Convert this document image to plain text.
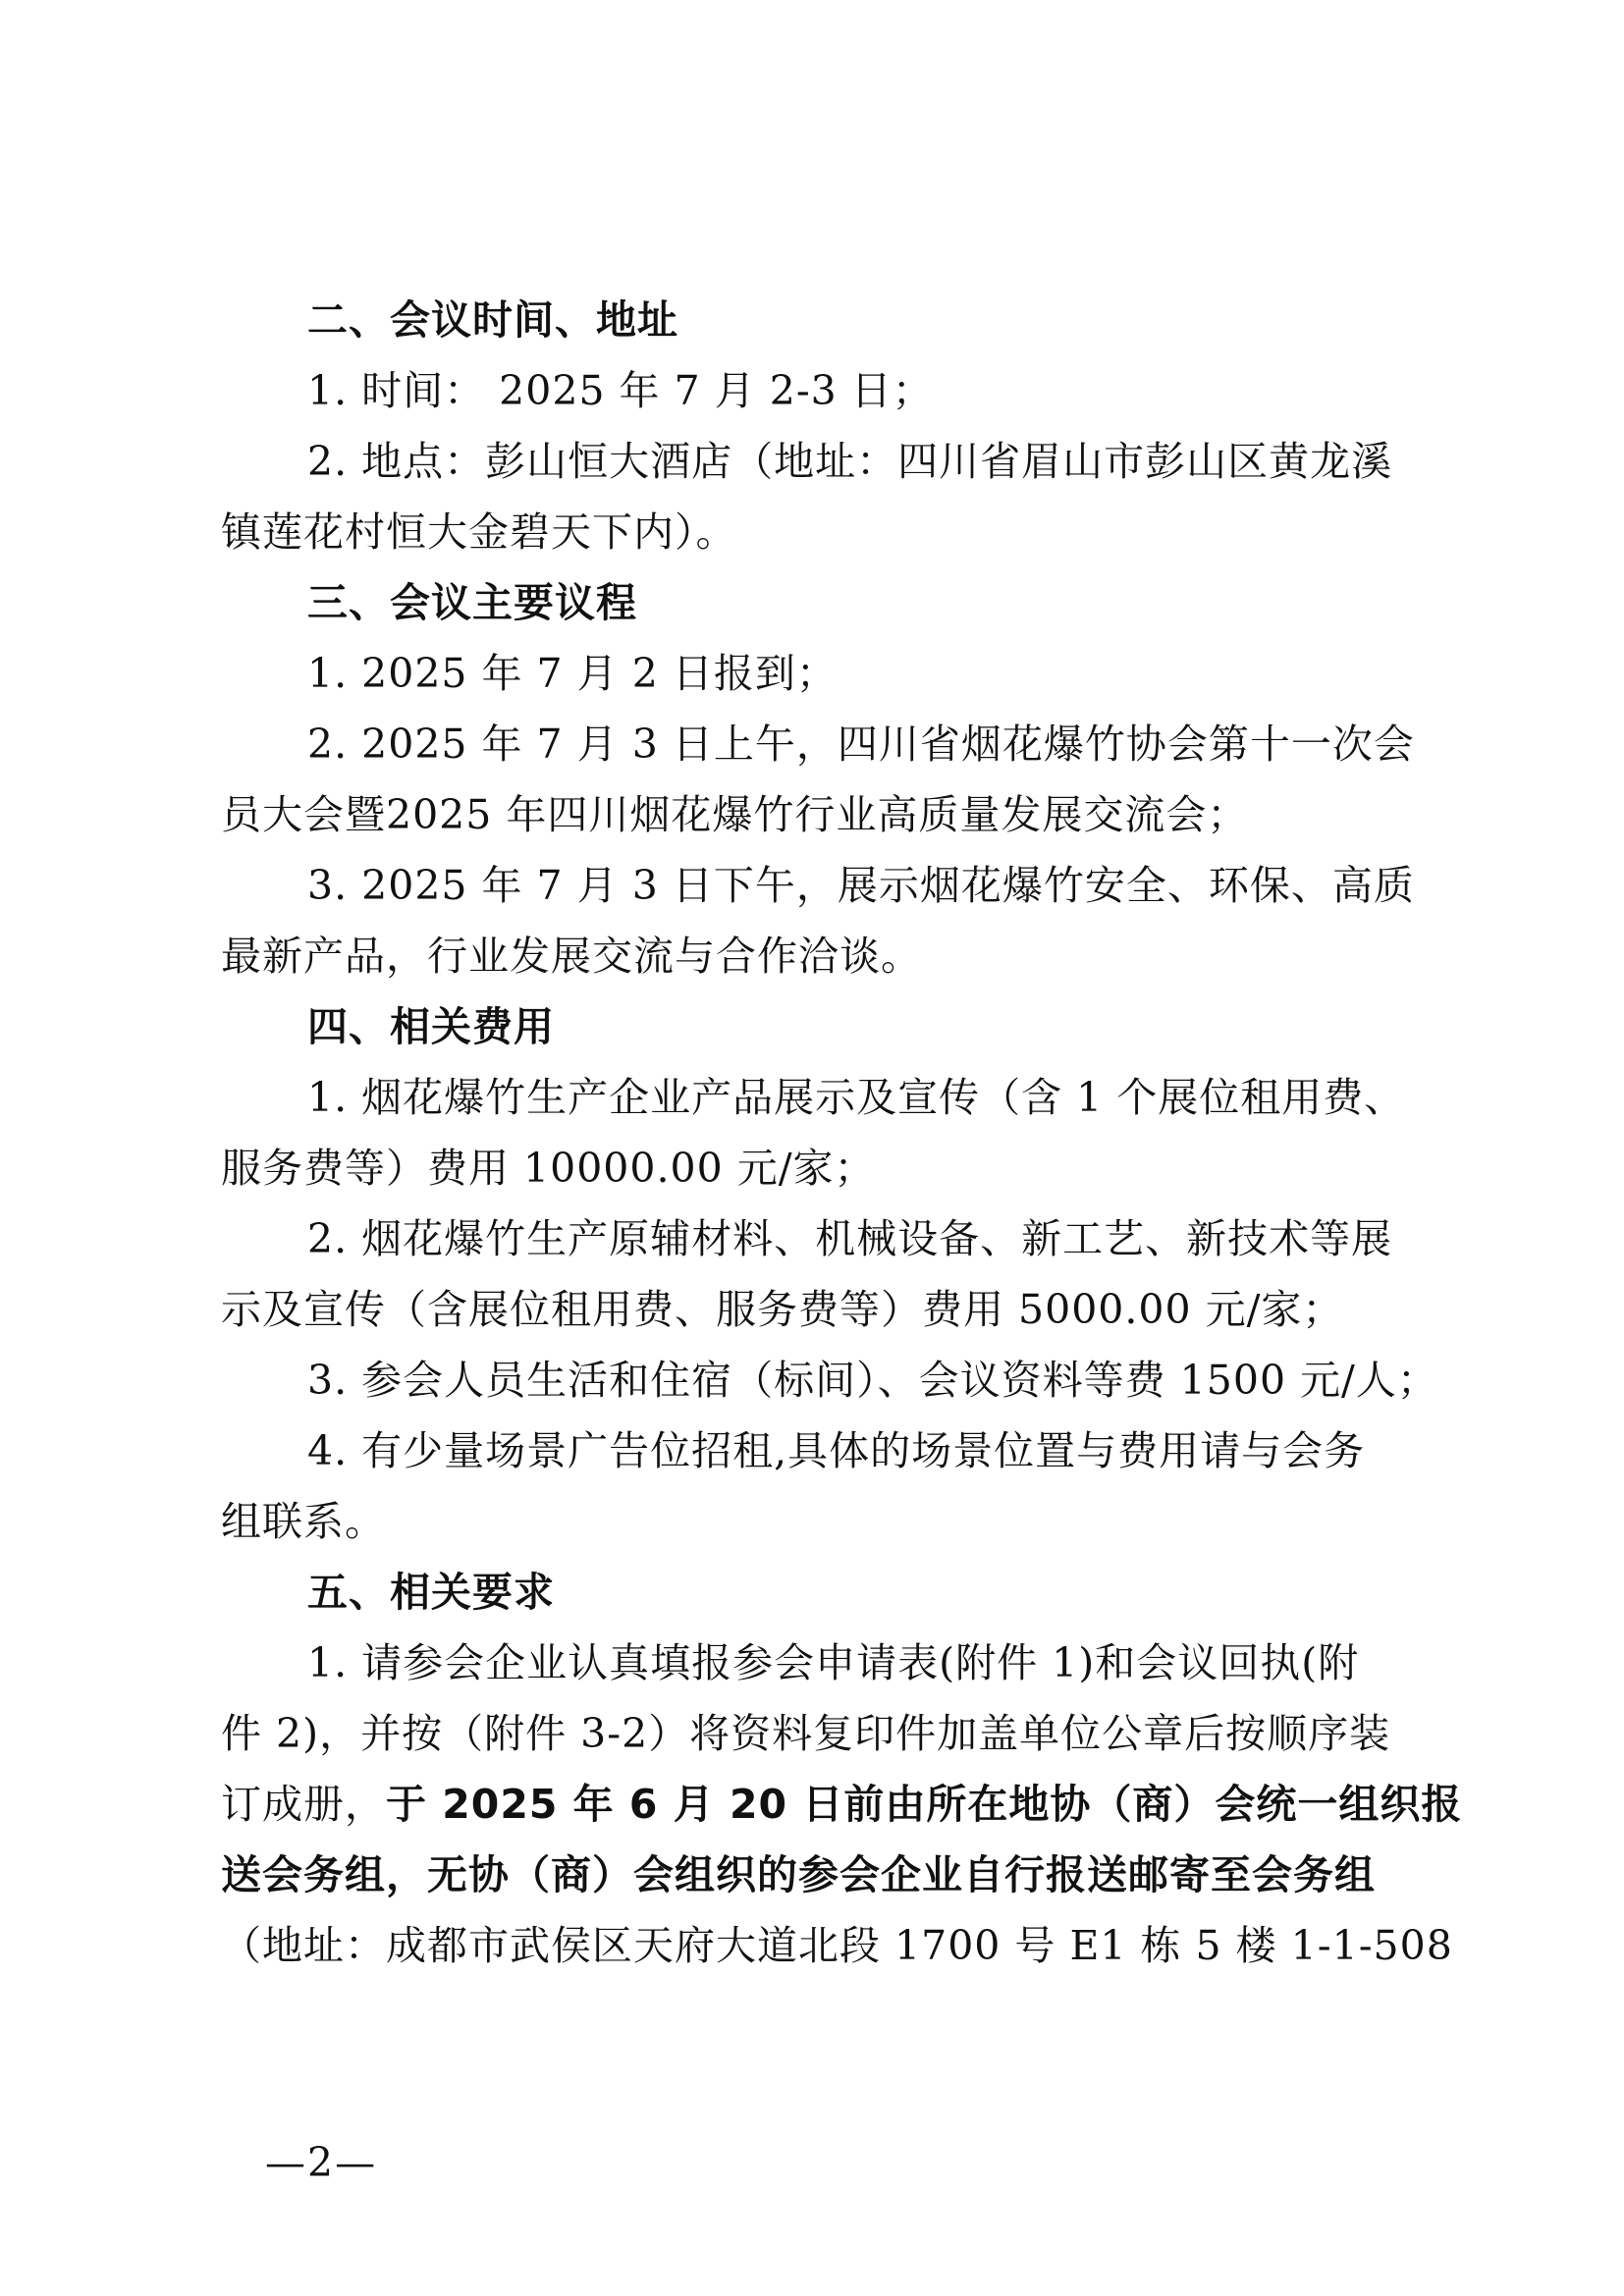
二、会议时间、地址
1. 时间： 2025 年 7 月 2-3 日；
2. 地点：彭山恒大酒店（地址：四川省眉山市彭山区黄龙溪
镇莲花村恒大金碧天下内）。
三、会议主要议程
1. 2025 年 7 月 2 日报到；
2. 2025 年 7 月 3 日上午，四川省烟花爆竹协会第十一次会
员大会暨2025 年四川烟花爆竹行业高质量发展交流会；
3. 2025 年 7 月 3 日下午，展示烟花爆竹安全、环保、高质
最新产品，行业发展交流与合作洽谈。
四、相关费用
1. 烟花爆竹生产企业产品展示及宣传（含 1 个展位租用费、
服务费等）费用 10000.00 元/家；
2. 烟花爆竹生产原辅材料、机械设备、新工艺、新技术等展
示及宣传（含展位租用费、服务费等）费用 5000.00 元/家；
3. 参会人员生活和住宿（标间）、会议资料等费 1500 元/人；
4. 有少量场景广告位招租,具体的场景位置与费用请与会务
组联系。
五、相关要求
1. 请参会企业认真填报参会申请表(附件 1)和会议回执(附
件 2)，并按（附件 3-2）将资料复印件加盖单位公章后按顺序装
订成册，于 2025 年 6 月 20 日前由所在地协（商）会统一组织报
送会务组，无协（商）会组织的参会企业自行报送邮寄至会务组
（地址：成都市武侯区天府大道北段 1700 号 E1 栋 5 楼 1-1-508
—2—
